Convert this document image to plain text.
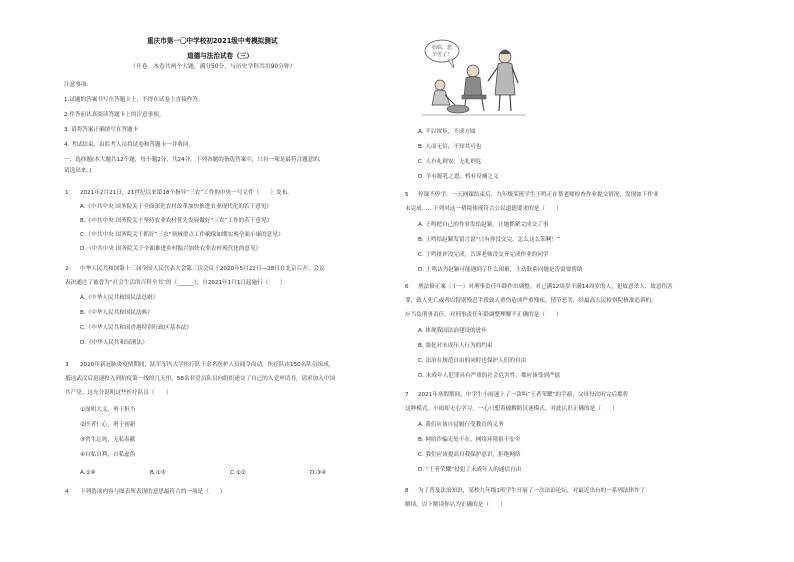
重庆市第一〇中学校初2021级中考模拟测试
道德与法治试卷（三）
（开卷　本卷共两个大题，满分50分，与历史学科共用90分钟）
注意事项：
1.试题的答案书写在答题卡上，不得在试卷上直接作答。
2.作答前认真阅读答题卡上的注意事项。
3. 请将答案正确填写在答题卡
4. 考试结束，由监考人员将试卷和答题卡一并收回。
一、选择题(本大题共12个题，每小题2分，共24分。下列各题的备选答案中，只有一项是最符合题意的，
请选出来。)
1 2021年2月21日，21世纪以来第18个指导“三农”工作的中央一号文件（　　）发布。
A.《中共中央 国务院关于全面深化农村改革加快推进农业现代化的若干意见》
B.《中共中央 国务院关于坚持农业农村优先发展做好“三农”工作的若干意见》
C.《中共中央 国务院关于抓好“三农”领域重点工作确保如期实现全面小康的意见》
D.《中共中央 国务院关于全面推进乡村振兴加快农业农村现代化的意见》
2 中华人民共和国第十三届全国人民代表大会第三次会议于2020年5月22日—28日在北京召开。会议
表决通过了被誉为“社会生活的百科全书”的《______》，自2021年1月1日起施行（　　）
A.《中华人民共和国民法总则》
B.《中华人民共和国民法典》
C.《中华人民共和国香港特别行政区基本法》
D.《中华人民共和国刑法》
3 2020年新冠肺炎疫情期间，陆军军医大学医疗队千余名医护人员闻令而动，医疗队由150名队员组成，
抵达武汉后迅速投入到抗疫第一线的几天里，58名非党员队员向组织递交了自己的入党申请书，请求加入中国
共产党。这充分说明这些医疗队员（　　）
①深明大义，勇于担当
②医者仁心，勇于创新
③舍生忘死，无私奉献
④自私自利，自私虚伪
A.①④	B.①③	C.①②	D.③④
4 下列选项内容与图表所表现的意思最符合的一项是（　　）
妈妈，您
辛苦了！
A. 不以规矩，不成方圆
B. 人而无信，不知其可也
C. 人有礼则安，无礼则危
D. 羊有跪乳之恩，鸦有反哺之义
5 停课不停学。一天网课结束后，九年级某班学生王鸣正在帮老师检查作业提交情况，发现如下作业
未完成……下列对这一情境体现符合公民道德要求的是（　　）
A. 王鸣把自己的作业发给赵颖，让她抓紧完成交了事
B. 王鸣给赵颖发留言说“只有你没交完，怎么这么笨啊！”
C. 王鸣批评没完成，告诉老师没交齐完成作业的同学
D. 王鸣认为赵颖可能遇到了什么困难，主动联系问她是否需要帮助
6 刑法修正案（十一）对刑事责任年龄作出调整，对已满12周岁不满14周岁的人，犯故意杀人、故意伤害
罪，致人死亡或者以特别残忍手段致人重伤造成严重残疾，情节恶劣，经最高人民检察院核准追诉的，
应当负刑事责任。对刑事责任年龄调整理解不正确的是（　　）
A. 体现我国法治建设的进步
B. 强化对未成年人行为的约束
C. 法治在规范自由的同时也保护人们的自由
D. 未成年人犯罪具有严重的社会危害性，都应该受到严惩
7 2021年寒假期间，中学生小雨迷上了一款叫“王者荣耀”的手游，父母每次听完后都将
这种模式。小雨却无心学习，一心只想着破解防沉迷模式。对此认识正确的是（　　）
A. 我们应该自觉履行受教育的义务
B. 网络诈骗无处不在，网络环境很不安全
C. 我们应该提高自我保护意识，拒绝网络
D. “王者荣耀”侵犯了未成年人的通信自由
8 为了普及法治知识，某校九年级1班学生开展了一次法治论坛，对最近出台的一系列法律作了
解读。以下解读你认为正确的是（　　）
